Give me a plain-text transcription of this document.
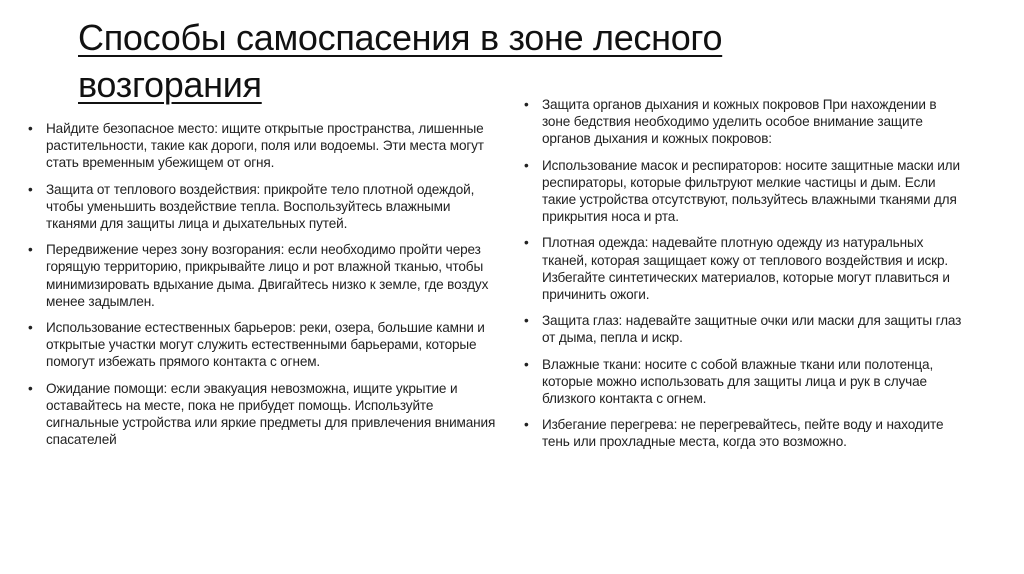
Способы самоспасения в зоне лесного возгорания
• Найдите безопасное место: ищите открытые пространства, лишенные растительности, такие как дороги, поля или водоемы. Эти места могут стать временным убежищем от огня.
• Защита от теплового воздействия: прикройте тело плотной одеждой, чтобы уменьшить воздействие тепла. Воспользуйтесь влажными тканями для защиты лица и дыхательных путей.
• Передвижение через зону возгорания: если необходимо пройти через горящую территорию, прикрывайте лицо и рот влажной тканью, чтобы минимизировать вдыхание дыма. Двигайтесь низко к земле, где воздух менее задымлен.
• Использование естественных барьеров: реки, озера, большие камни и открытые участки могут служить естественными барьерами, которые помогут избежать прямого контакта с огнем.
• Ожидание помощи: если эвакуация невозможна, ищите укрытие и оставайтесь на месте, пока не прибудет помощь. Используйте сигнальные устройства или яркие предметы для привлечения внимания спасателей
• Защита органов дыхания и кожных покровов При нахождении в зоне бедствия необходимо уделить особое внимание защите органов дыхания и кожных покровов:
• Использование масок и респираторов: носите защитные маски или респираторы, которые фильтруют мелкие частицы и дым. Если такие устройства отсутствуют, пользуйтесь влажными тканями для прикрытия носа и рта.
• Плотная одежда: надевайте плотную одежду из натуральных тканей, которая защищает кожу от теплового воздействия и искр. Избегайте синтетических материалов, которые могут плавиться и причинить ожоги.
• Защита глаз: надевайте защитные очки или маски для защиты глаз от дыма, пепла и искр.
• Влажные ткани: носите с собой влажные ткани или полотенца, которые можно использовать для защиты лица и рук в случае близкого контакта с огнем.
• Избегание перегрева: не перегревайтесь, пейте воду и находите тень или прохладные места, когда это возможно.
